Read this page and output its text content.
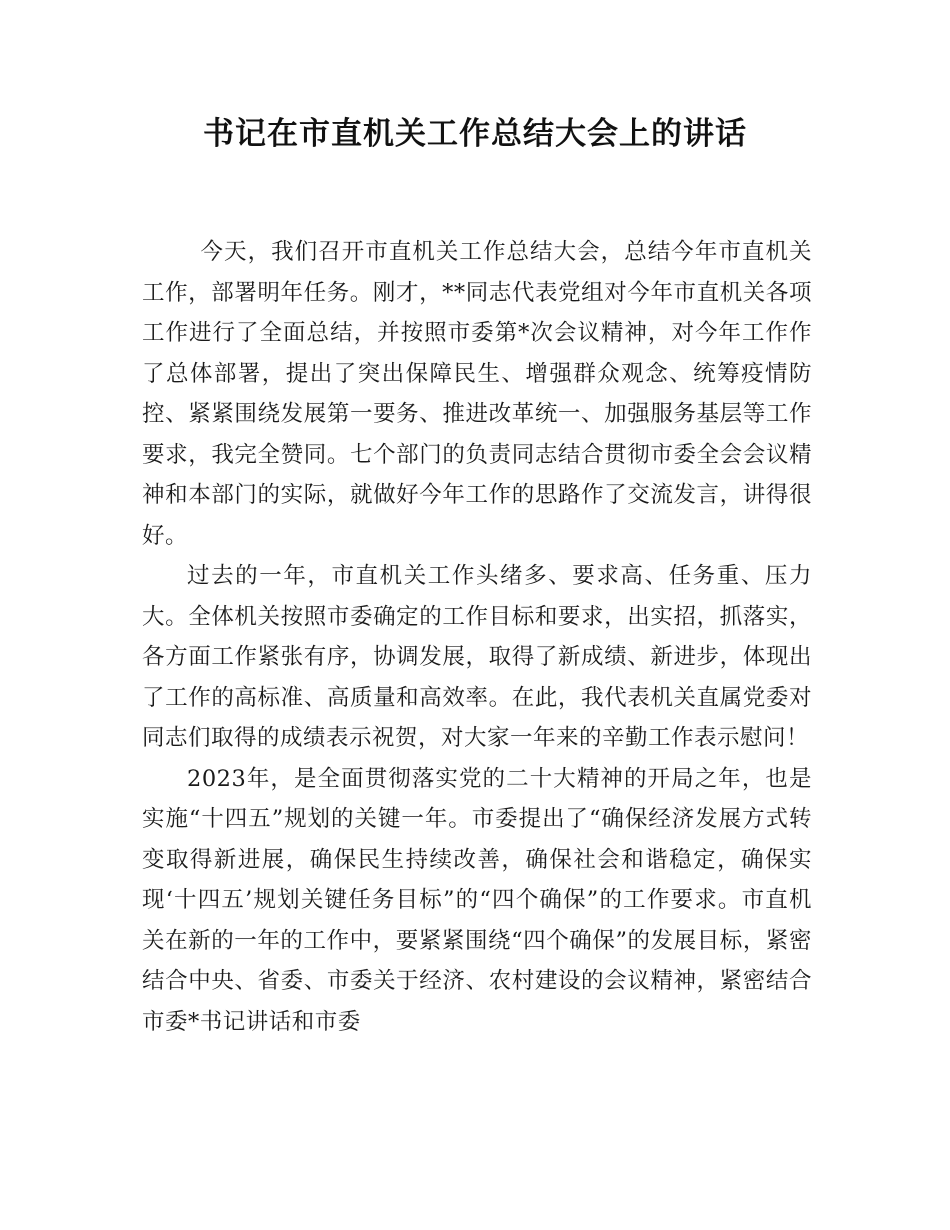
书记在市直机关工作总结大会上的讲话

今天，我们召开市直机关工作总结大会，总结今年市直机关工作，部署明年任务。刚才，**同志代表党组对今年市直机关各项工作进行了全面总结，并按照市委第*次会议精神，对今年工作作了总体部署，提出了突出保障民生、增强群众观念、统筹疫情防控、紧紧围绕发展第一要务、推进改革统一、加强服务基层等工作要求，我完全赞同。七个部门的负责同志结合贯彻市委全会会议精神和本部门的实际，就做好今年工作的思路作了交流发言，讲得很好。

过去的一年，市直机关工作头绪多、要求高、任务重、压力大。全体机关按照市委确定的工作目标和要求，出实招，抓落实，各方面工作紧张有序，协调发展，取得了新成绩、新进步，体现出了工作的高标准、高质量和高效率。在此，我代表机关直属党委对同志们取得的成绩表示祝贺，对大家一年来的辛勤工作表示慰问！

2023年，是全面贯彻落实党的二十大精神的开局之年，也是实施“十四五”规划的关键一年。市委提出了“确保经济发展方式转变取得新进展，确保民生持续改善，确保社会和谐稳定，确保实现‘十四五’规划关键任务目标”的“四个确保”的工作要求。市直机关在新的一年的工作中，要紧紧围绕“四个确保”的发展目标，紧密结合中央、省委、市委关于经济、农村建设的会议精神，紧密结合市委*书记讲话和市委
